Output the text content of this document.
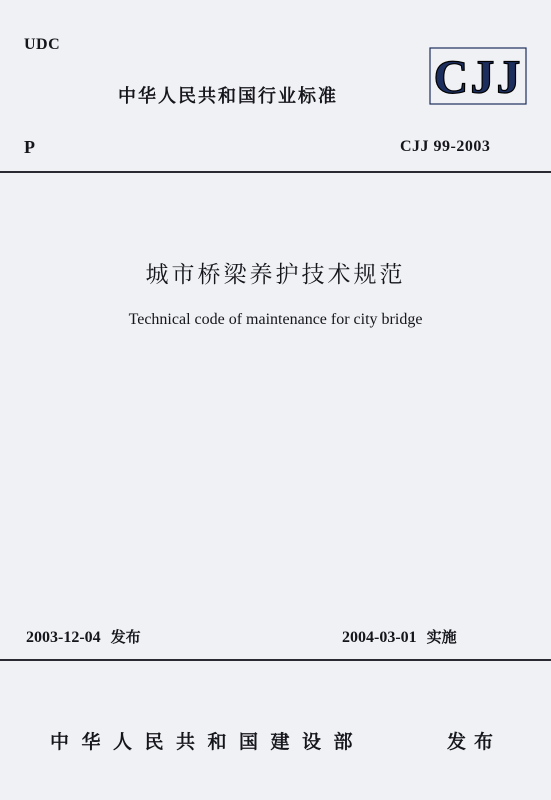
UDC
中华人民共和国行业标准 CJJ
P	CJJ 99-2003
城市桥梁养护技术规范
Technical code of maintenance for city bridge
2003-12-04 发布	2004-03-01 实施
中华人民共和国建设部	发布
